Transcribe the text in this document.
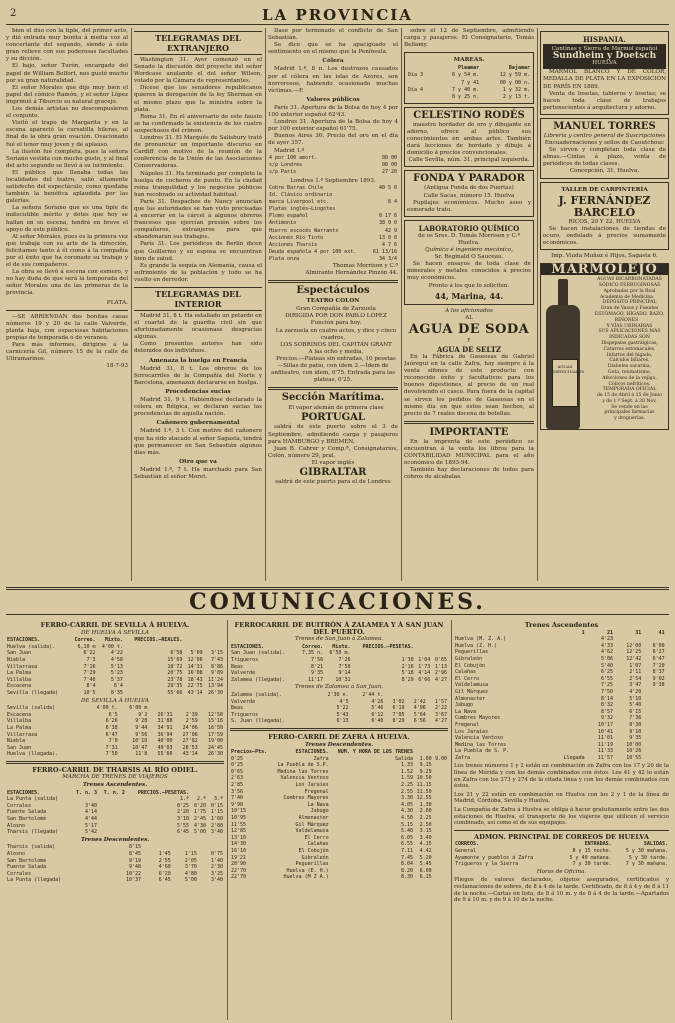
2	LA PROVINCIA

bien el dúo con la tiple, del primer acto, y dió entrada muy bonita á media voz al concertante del segundo, siendo á éste gran relieve con sus poderosas facultades y su dicción.

El bajo, señor Turón, encargado del papel de William Belfort, nos gustó mucho por su gran naturalidad.

El señor Morales que dijo muy bien el papel del cómico Ramón, y el señor López imprimió á Tiburcio su natural gracejo.

Los demás artistas no descompusieron el conjunto.

Visitó el trapo de Margarita y en la escena apareció la cursatilla hileras, al final de la obra gran ovación. Ovacionado fué el tenor muy joven y de aplauso.

La ilusión fué completa, pues la señora Soriano vestida con mucho gusto, y al final del acto segundo se llevó á su lucimiento.

El público que llenaba todas las localidades del teatro, salió altamente satisfecho del espectáculo, como quedaba también la benéfica aplaudida por las galerías.

La señora Soriano que es una tiple de indiscutible mérito y dotes que hoy se hallan en su escena, tendrá en breve el apoyo de este público.

Al señor Morales, pues es la primera vez que trabaja con su arte de la dirección, felicitamos tanto á él como á la compañía por el éxito que ha coronado su trabajo y el de sus compañeros.

La obra se llevó á escena con esmero, y no hay duda de que será la temporada del señor Morales una de las primeras de la provincia.

PLATA.

—SE ARRIENDAN dos bonitas casas números 19 y 20 de la calle Valverde, planta baja, con espaciosas habitaciones propias de temporada ó de veraneo.

Para más informes, dirigirse á la carnicería Gil, número 15 de la calle de Ultramarinos.

18-7-93
TELEGRAMAS DEL EXTRANJERO

Washington 31. Ayer comenzó en el Senado la discusión del proyecto del señor Wordcase anulando el del señor Wilson, votado por la Cámara de representantes.

Dícese que los senadores republicanos quieren la derogación de la ley Sherman en el mismo plazo que la ministra sobre la plata.

Roma 31. En el aniversario de este fausto se ha confirmado la existencia de los cuatro sospechosos del crimen.

Londres 31. El Marqués de Salisbury trató de pronunciar un importante discurso en Cardiff con motivo de la reunión de la conferencia de la Unión de las Asociaciones Conservadoras.

Nápoles 31. Ha terminado por completo la huelga de cocheros de punto. En la ciudad reina tranquilidad y los negocios públicos han recobrado su actividad habitual.

París 31. Despachos de Nancy anuncian que las autoridades se han visto precisadas á encerrar en la cárcel á algunos obreros franceses que ejercían presión sobre los compañeros, extranjeros para que abandonaran sus trabajos.

París 31. Los periódicos de Berlín dicen que Guillermo y su esposa se encuentran bien de salud.

Es grande la sequía en Alemania, causa el sufrimiento de la población y todo se ha vuelto en derredor.

TELEGRAMAS DEL INTERIOR

Madrid 31, 8 t. Ha estallado un petardo en el cuartel de la guardia civil sin que afortunadamente ocasionase desgracias algunas.

Como presuntos autores han sido detenidos dos individuos.

Amenaza la huelga en Francia

Madrid 31, 8 t. Los obreros de los ferrocarriles de la Compañía del Norte y Barcelona, amenazan declararse en huelga.

Procedencias sucias

Madrid 31, 9 t. Habiéndose declarado la cólera en Bélgica, se declaran sucias las procedencias de aquella nación.

Cañonero gubernamental

Madrid 1.º, 3 t. Con motivo del cañonero que ha sido atacado al señor Sagasta, tendrá que permanecer en San Sebastián algunos días más.

Otro que va

Madrid 1.º, 7 t. Ha marchado para San Sebastián el señor Moret.

Dase por terminado el conflicto de San Sebastián.

Se dice que se ha apaciguado el sentimiento en el mismo que la Península.

Cólera

Madrid 1.º, 8 n. Los destrozos causados por el cólera en las islas de Azores, son horrorosos, habiendo ocasionado muchas víctimas.—F.

Valores públicos

París 31. Apertura de la Bolsa de hoy 4 por 100 exterior español 62'43.

Londres 31. Apertura de la Bolsa de hoy 4 por 100 exterior español 61'75.

Buenos Aires 30. Precio del oro en el día de ayer 357.

Madrid 1.º

4 por 100 amort.	00 00
s/p Londres	00 00
s/p París	27'20
Londres 1.º Septiembre 1893.
Cobre Barras Chile	40 5 0
Id. Clásico ordinario	
marca Liverpool etc.	8 4
Platas inglés—Lingotes	
Plomo español	0 17 6
Antimonio	38 0 0
Hierro escocés Warrants	42 9
Acciones Río Tinto	13 0 0
Acciones Tharsis	4 7 6
Deuda española 4 por 100 ext.	61 13/16
Plata onza	34 3/4
Thomas Morrison y C.ª
Almirante Hernández Pinzón 44.
Espectáculos
TEATRO COLON

Gran Compañía de Zarzuela

DIRIGIDA POR DON PABLO LÓPEZ

Función para hoy.

La zarzuela en cuatro actos, y dice y cinco cuadros,

LOS SOBRINOS DEL CAPITÁN GRANT

A las ocho y media.

Precios.—Plateas sin entradas, 10 pesetas—Sillas de patio, con ídem 2.—Ídem de anfiteatro, con ídem, 0'75. Entrada para las plateas, 0'25.

Sección Marítima.

El vapor alemán de primera clase

PORTUGAL

saldrá de este puerto sobre el 3 de Septiembre, admitiendo carga y pasajeros para HAMBURGO y BREMEN.

Juan B. Cabrer y Comp.ª, Consignatarios, Colón, número 29, pral.

El vapor inglés
GIBRALTAR
saldrá de este puerto para el de Londres

sobre el 12 de Septiembre, admitiendo carga y pasajeros. El Consignatario, Tomás Bellamy.

MAREAS.
	Pleamar	Bajamar
Día 3	6 y 54 m.	12 y 59 m.
	7 y 41	00 y 00 n.
Día 4	7 y 40 m.	1 y 32 m.
	8 y 25 n.	2 y 13 t.
CELESTINO RODÉS

maestro bordador de oro y dibujante en adorno, ofrece al público sus conocimientos en ambas artes. También dará lecciones de bordado y dibujo á domicilio á precios convencionales.

Calle Sevilla, núm. 31, principal izquierda.
FONDA Y PARADOR
(Antigua Fonda de dos Puertas)
Calle Sacas, número 15. Huelva

Pupilajes económicos. Mucho aseo y esmerado trato.

LABORATORIO QUÍMICO
de os Sres. D. Tomás Morrison y C.ª Huelva.
Químico é ingeniero mecánico,
Sr. Reginald O Sauceau.

Se hacen ensayos de toda clase de minerales y metales conocidos á precios muy económicos.

Pronto á los que lo soliciten.
44, Marina, 44.
A los aficionados
AL
AGUA DE SODA
y
AGUA DE SELTZ

En la Fábrica de Gaseosas de Gabriel Jaúregui en la calle Zafra, hay siempre á la venta sifones de este producto con reconocido éxito y facultativos para los buenos digestiones, al precio de un real devolviendo el casco. Para fuera de la capital se sirven los pedidos de Gaseosas en el mismo día en que estos sean hechos, al precio de 7 reales docena de botellas.

IMPORTANTE

En la imprenta de este periódico se encuentran á la venta los libros para la CONTABILIDAD MUNICIPAL para el año económico de 1893-94.

También hay declaraciones de todos para cobros de alcabalas.

HISPANIA.
Cantinas y Sierra de Mármol español
Sundheim y Doetsch
HUELVA

MÁRMOL BLANCO Y DE COLOR, MEDALLA DE PLATA EN LA EXPOSICIÓN DE PARÍS EN 1889.

Venta de losetas, tableros y losetas; se hacen toda clase de trabajos pertenecientes á arquitectura y adorno.

MANUEL TORRES
Librería y centro general de Suscripciones
Encuadernaciones y sellos de Caoutchouc

Se sirven y completan toda clase de almas.—Cintas á plazo, venta de periódicos de todas clases.

Concepción, 31, Huelva.
TALLER DE CARPINTERÍA
J. FERNÁNDEZ BARCELÓ
RICOS, 20 Y 22, HUELVA

Se hacen instalaciones de tiendas de ocuro, ondulado á precios sumamente económicos.

Imp. Viuda Muñoz é Hijos, Sagasta 6.
MARMOLEJO
AGUAS MEDICINALES

AGUAS BICARBONATADAS

SÓDICO FERRUGINOSAS

Aprobadas por la Real Academia de Medicina

DEPÓSITO PRINCIPAL

Gran de Vasos y Fuentes

ESTÓMAGO, HÍGADO, BAZO, RIÑONES

Y VÍAS URINARIAS

SUS APLICACIONES MÁS

INDICADAS SON

Dispepsias gastrálgicas,

Catarros estomacales,

Infartos del hígado,

Cálculos biliares,

Diabetes sacarina,

Gota, reumatismo,

Afecciones de la vejiga,

Cólicos nefríticos.

TEMPORADA OFICIAL

de 15 de Abril á 15 de Junio

y de 1.º Sept. á 30 Nov.

Se vende en las

principales farmacias

y droguerías.

COMUNICACIONES.
FERRO-CARRIL DE SEVILLA Á HUELVA.
DE HUELVA Á SEVILLA
ESTACIONES.	Correo.	Mixto.	PRECIOS.—REALES.		
Huelva (salida).	6,10 m	4'00 t.			
San Juan	6'22	4'22	6'58	5'09	3'15
Niebla	7'3	4'58	15'69	12'06	7'43
Villarrasa	7'16	5'13	18'72	14'31	8'86
La Palma	7'29	5'23	20'75	16'08	9'89
Villalba	7'40	5'37	23'78	18'43	11'24
Escacena	8'4	6'4	29'35	22'75	13'94
Sevilla (llegada)	10'5	8'35	55'66	43'14	26'30
DE SEVILLA Á HUELVA
Sevilla (salida)	4'00 t.	6'00 m			
Escacena	6'5	9'2	26'31	2'39	12'50
Villalba	6'26	9'28	31'88	2'59	15'16
La Palma	6'38	9'44	34'91	24'06	16'50
Villarrasa	6'47	9'56	36'94	27'06	17'59
Niebla	7'0	10'10	40'00	27'82	19'00
San Juan	7'31	10'47	49'03	28'53	24'45
Huelva (llegada).	7'50	11'8	55'66	43'14	26'30
FERRO-CARRIL DE THARSIS AL RÍO ODIEL.
MARCHA DE TRENES DE VIAJEROS
Trenes Ascendentes.
ESTACIONES.	T. n. 3	T. n. 2	PRECIOS.—PESETAS.		
La Punta (salida)			1.ª	2.ª	3.ª
Corrales	3'40		0'25	0'20	0'15
Fuente Salada	4'14		2'20	1'75	1'15
San Bartolomé	4'44		3'10	2'45	1'60
Alosno	5'17		5'55	4'30	2'80
Tharsis (llegada)	5'42		6'45	5'00	3'40
Trenes Descendentes.
Tharsis (salida)	8'15				
Alosno	8'45		1'45	1'15	0'75
San Bartolomé	9'19		2'55	2'05	1'40
Fuente Salada	9'48		4'60	3'70	2'30
Corrales	10'22		6'20	4'80	3'25
La Punta (llegada)	10'37		6'45	5'00	3'40
FERROCARRIL DE BUITRÓN Á ZALAMEA Y Á SAN JUAN DEL PUERTO.
Trenes de San Juan á Zalamea.
ESTACIONES.	Correo.	Mixto.	PRECIOS.—PESETAS.		
San Juan (salida).	7,35 n.	6'50 m.			
Trigueros	7'56	7'26	1'30	1'04	0'65
Beas	8'21	7'50	2'16	1'73	1'13
Valverde	9'35	9'14	5'18	4'14	2'96
Zalamea (llegada).	11'17	10'31	8'29	6'66	4'27
Trenes de Zalamea á San Juan.
Zalamea (salida).	2'36 n.	2'44 t.			
Valverde	4'5	4'26	3'02	2'42	1'57
Beas	5'22	5'46	6'19	4'96	2'22
Trigueros	5'43	6'12	7'05	5'64	3'67
S. Juan (llegada).	6'13	6'40	8'29	6'56	4'27
FERRO-CARRIL DE ZAFRA Á HUELVA.
Trenes Descendentes.
Precios—Pts.	ESTACIONES.	NUM. Y HORA DE LOS TRENES		
0'25	Zafra	Salida	1.00	9.00
0'25	La Puebla de S.P.	1.33	9.15	
0'65	Medina las Torres	1.52	9.29	
2'63	Valencia Ventoso	1.59	10.50	
2'85	Los Jaraíes	2.25	11.15	
3'56	Fregenal	2.55	11.50	
7'40	Cumbres Mayores	3.30	12.55	
9'90	La Nava	4.05	1.30	
10'15	Jabugo	4.30	2.00	
10'95	Almonaster	4.50	2.25	
11'55	Gil Márquez	5.15	2.50	
12'85	Valdelamusa	5.40	3.15	
13'10	El Cerro	6.05	3.40	
14'30	Calañas	6.55	4.15	
16'10	El Cobujón	7.11	4.42	
19'21	Gibraleón	7.45	5.20	
20'90	Peguerillas	8.04	5.45	
22'70	Huelva (E. H.)	8.20	6.00	
22'70	Huelva (M Z A.)	8.30	6.15	
Trenes Ascendentes
	1	21	31	41	
Huelva (M. Z. A.)		4'23			
Huelva (Z. H.)		4'33	12'00	6'00	
Peguerillas		4'62	12'25	6'27	
Gibraleón		5'06	12'42	6'47	
El Cobujón		5'40	1'07	7'20	
Calañas		6'25	2'11	8'37	
El Cerro		6'55	2'54	9'02	
Valdelamusa		7'25	3'47	9'38	
Gil Márquez		7'50	4'20		
Almonaster		8'14	5'10		
Jabugo		8'32	5'40		
La Nava		8'57	6'15		
Cumbres Mayores		9'32	7'36		
Fregenal		10'17	8'30		
Los Jaraíes		10'41	9'10		
Valencia Ventoso		11'01	9'35		
Medina las Torres		11'19	10'00		
La Puebla de S. P.		11'33	10'26		
Zafra	Llegada	11'57	10'55		
Los trenes números 1 y 2 están en combinación en Zafra con los 17 y 20 de la línea de Mérida y con los demás combinados con éstos. Los 41 y 42 lo están en Zafra con los 273 y 274 de la citada línea y con los demás combinados con éstos.
Los 21 y 22 están en combinación en Huelva con los 2 y 1 de la línea de Madrid, Córdoba, Sevilla y Huelva.
La Compañía de Zafra á Huelva se obliga á hacer gratuitamente entre las dos estaciones de Huelva, el transporte de los viajeros que utilicen el servicio combinado, así como el de sus equipajes.
ADMON. PRINCIPAL DE CORREOS DE HUELVA
CORREOS.	ENTRADAS.	SALIDAS.
General	8 y 15 noche.	5 y 30 mañana.
Ayamonte y pueblos á Zafra	5 y 40 mañana.	5 y 30 tarde.
Trigueros y la Sierra	7 y 30 tarde.	7 y 30 mañana.
Horas de Oficina.
Pliegos de valores declarados, objetos asegurados, certificados y reclamaciones de sobres, de 8 á 4 de la tarde. Certificado, de 8 á 4 y de 8 á 11 de la noche.—Cartas en lista, de 8 á 10 m. y de 8 á 4 de la tarde.—Apartados de 9 á 10 m. y de 9 á 10 de la noche.
